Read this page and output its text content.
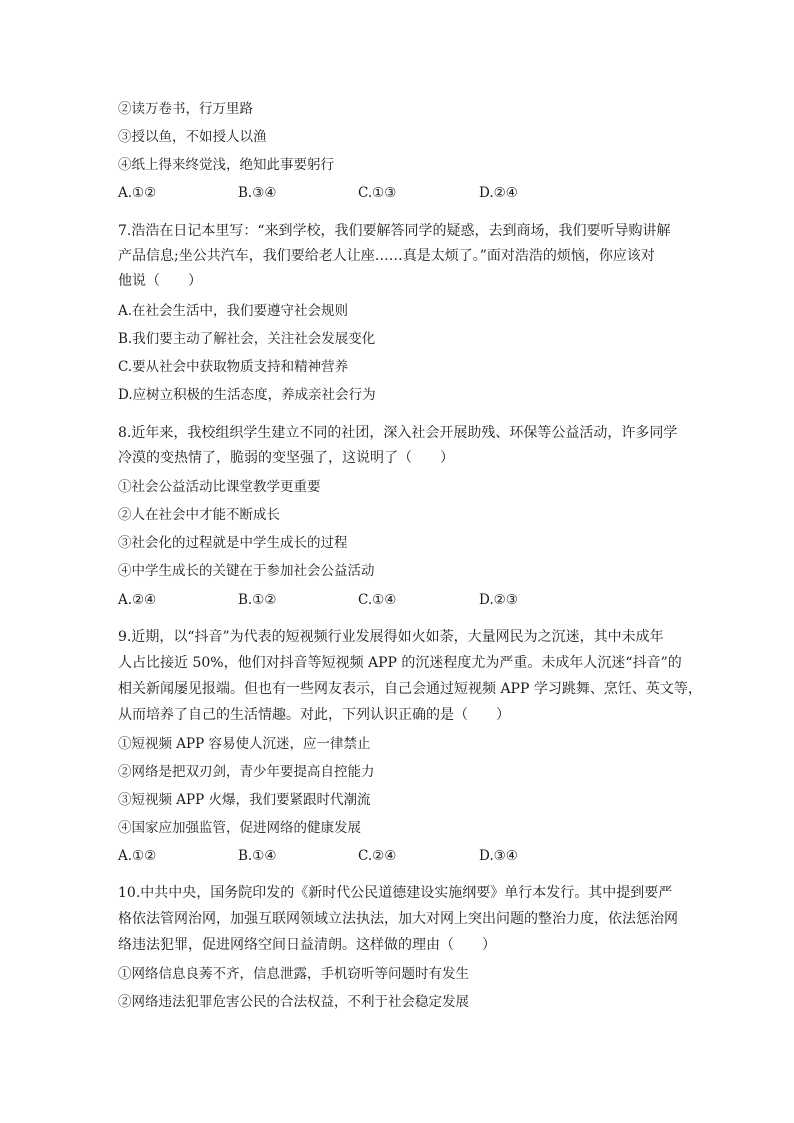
②读万卷书，行万里路
③授以鱼，不如授人以渔
④纸上得来终觉浅，绝知此事要躬行
A.①②	B.③④	C.①③	D.②④
7.浩浩在日记本里写：“来到学校，我们要解答同学的疑惑，去到商场，我们要听导购讲解
产品信息;坐公共汽车，我们要给老人让座……真是太烦了。”面对浩浩的烦恼，你应该对
他说（　　）
A.在社会生活中，我们要遵守社会规则
B.我们要主动了解社会，关注社会发展变化
C.要从社会中获取物质支持和精神营养
D.应树立积极的生活态度，养成亲社会行为
8.近年来，我校组织学生建立不同的社团，深入社会开展助残、环保等公益活动，许多同学
冷漠的变热情了，脆弱的变坚强了，这说明了（　　）
①社会公益活动比课堂教学更重要
②人在社会中才能不断成长
③社会化的过程就是中学生成长的过程
④中学生成长的关键在于参加社会公益活动
A.②④	B.①②	C.①④	D.②③
9.近期，以“抖音”为代表的短视频行业发展得如火如荼，大量网民为之沉迷，其中未成年
人占比接近 50%，他们对抖音等短视频 APP 的沉迷程度尤为严重。未成年人沉迷“抖音”的
相关新闻屡见报端。但也有一些网友表示，自己会通过短视频 APP 学习跳舞、烹饪、英文等，
从而培养了自己的生活情趣。对此，下列认识正确的是（　　）
①短视频 APP 容易使人沉迷，应一律禁止
②网络是把双刃剑，青少年要提高自控能力
③短视频 APP 火爆，我们要紧跟时代潮流
④国家应加强监管，促进网络的健康发展
A.①②	B.①④	C.②④	D.③④
10.中共中央，国务院印发的《新时代公民道德建设实施纲要》单行本发行。其中提到要严
格依法管网治网，加强互联网领域立法执法，加大对网上突出问题的整治力度，依法惩治网
络违法犯罪，促进网络空间日益清朗。这样做的理由（　　）
①网络信息良莠不齐，信息泄露，手机窃听等问题时有发生
②网络违法犯罪危害公民的合法权益，不利于社会稳定发展
